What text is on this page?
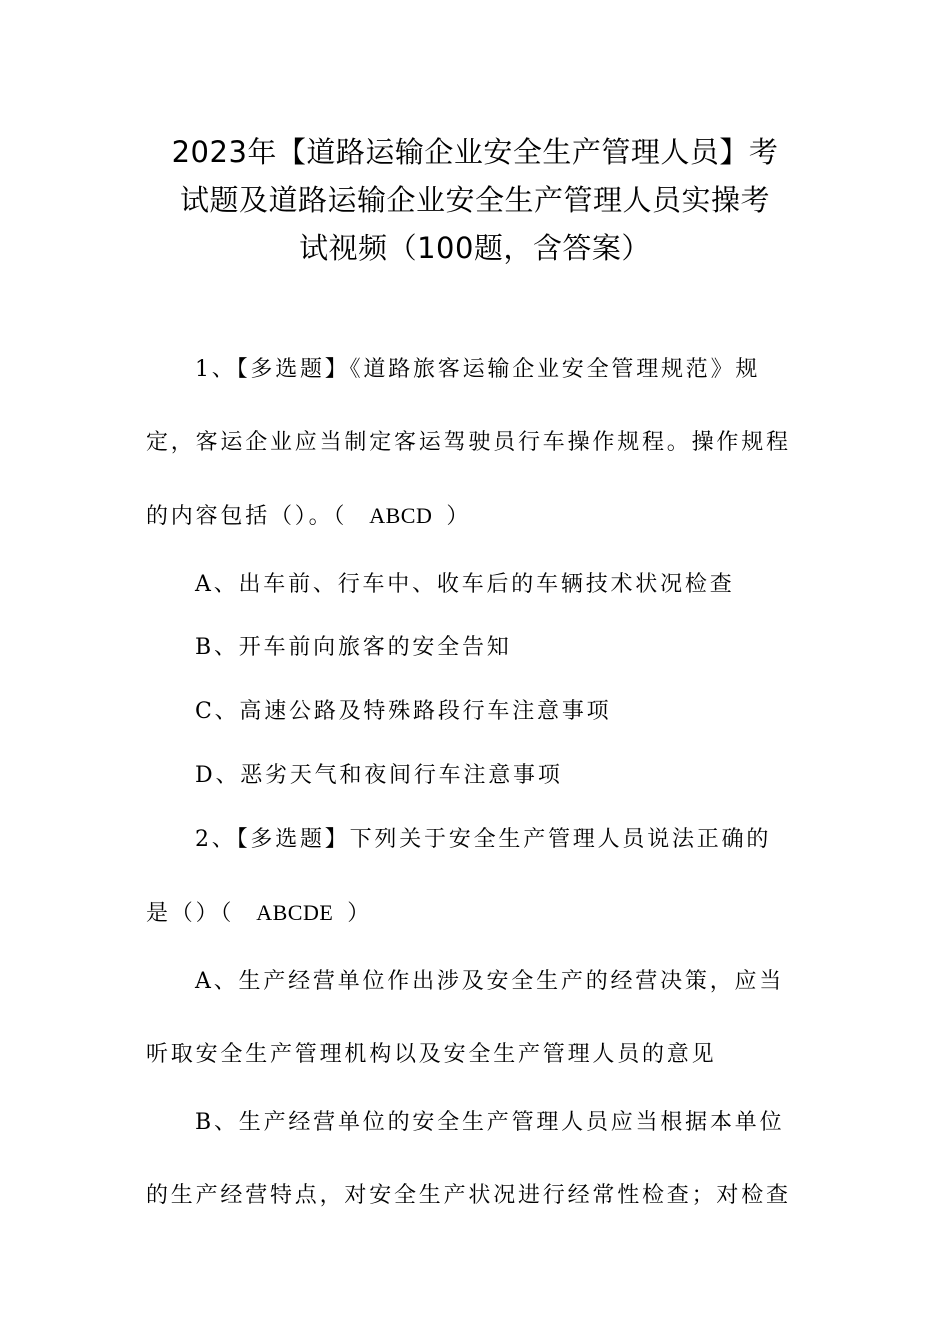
2023年【道路运输企业安全生产管理人员】考
试题及道路运输企业安全生产管理人员实操考
试视频（100题，含答案）
1、【多选题】《道路旅客运输企业安全管理规范》规
定，客运企业应当制定客运驾驶员行车操作规程。操作规程
的内容包括（）。（ ABCD ）
A、出车前、行车中、收车后的车辆技术状况检查
B、开车前向旅客的安全告知
C、高速公路及特殊路段行车注意事项
D、恶劣天气和夜间行车注意事项
2、【多选题】下列关于安全生产管理人员说法正确的
是（）（ ABCDE ）
A、生产经营单位作出涉及安全生产的经营决策，应当
听取安全生产管理机构以及安全生产管理人员的意见
B、生产经营单位的安全生产管理人员应当根据本单位
的生产经营特点，对安全生产状况进行经常性检查；对检查
